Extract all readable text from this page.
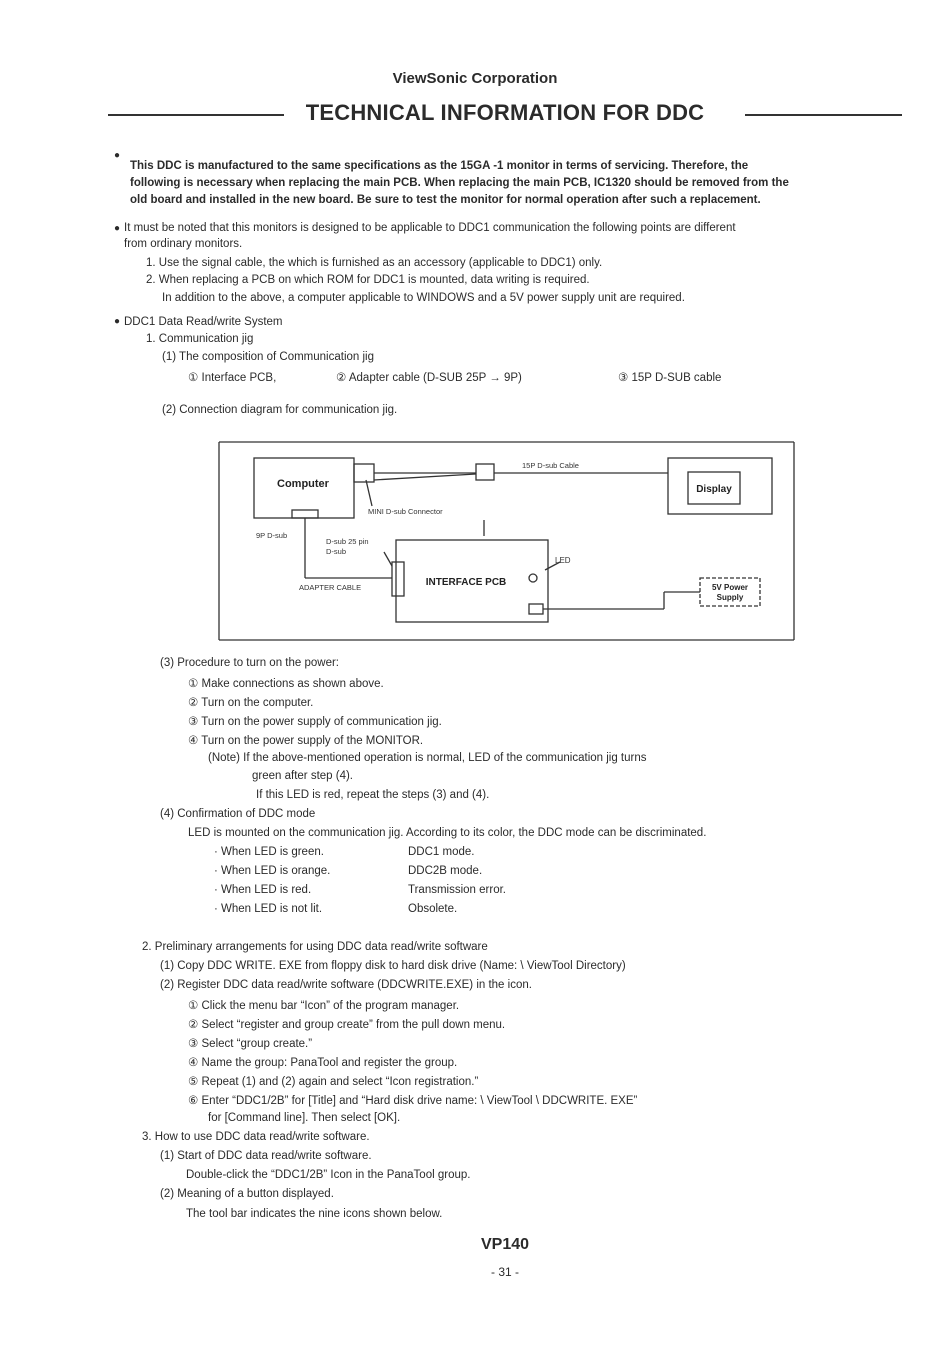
ViewSonic Corporation
TECHNICAL INFORMATION FOR DDC
●
This DDC is manufactured to the same specifications as the 15GA -1 monitor in terms of servicing. Therefore, the
following is necessary when replacing the main PCB. When replacing the main PCB, IC1320 should be removed from the
old board and installed in the new board. Be sure to test the monitor for normal operation after such a replacement.
● It must be noted that this monitors is designed to be applicable to DDC1 communication the following points are different
from ordinary monitors.
1. Use the signal cable, the which is furnished as an accessory (applicable to DDC1) only.
2. When replacing a PCB on which ROM for DDC1 is mounted, data writing is required.
In addition to the above, a computer applicable to WINDOWS and a 5V power supply unit are required.
● DDC1 Data Read/write System
1. Communication jig
(1) The composition of Communication jig
① Interface PCB,	② Adapter cable (D-SUB 25P → 9P)	③ 15P D-SUB cable
(2) Connection diagram for communication jig.
Computer	Display
15P D-sub Cable
MINI D-sub Connector
9P D-sub
D-sub 25 pin
D-sub
ADAPTER CABLE	INTERFACE PCB
LED
5V Power
Supply
(3) Procedure to turn on the power:
① Make connections as shown above.
② Turn on the computer.
③ Turn on the power supply of communication jig.
④ Turn on the power supply of the MONITOR.
(Note) If the above-mentioned operation is normal, LED of the communication jig turns
green after step (4).
If this LED is red, repeat the steps (3) and (4).
(4) Confirmation of DDC mode
LED is mounted on the communication jig. According to its color, the DDC mode can be discriminated.
· When LED is green.	DDC1 mode.
· When LED is orange.	DDC2B mode.
· When LED is red.	Transmission error.
· When LED is not lit.	Obsolete.
2. Preliminary arrangements for using DDC data read/write software
(1) Copy DDC WRITE. EXE from floppy disk to hard disk drive (Name: \ ViewTool Directory)
(2) Register DDC data read/write software (DDCWRITE.EXE) in the icon.
① Click the menu bar “Icon” of the program manager.
② Select “register and group create” from the pull down menu.
③ Select “group create.”
④ Name the group: PanaTool and register the group.
⑤ Repeat (1) and (2) again and select “Icon registration.”
⑥ Enter “DDC1/2B” for [Title] and “Hard disk drive name: \ ViewTool \ DDCWRITE. EXE”
for [Command line]. Then select [OK].
3. How to use DDC data read/write software.
(1) Start of DDC data read/write software.
Double-click the “DDC1/2B” Icon in the PanaTool group.
(2) Meaning of a button displayed.
The tool bar indicates the nine icons shown below.
VP140
- 31 -
